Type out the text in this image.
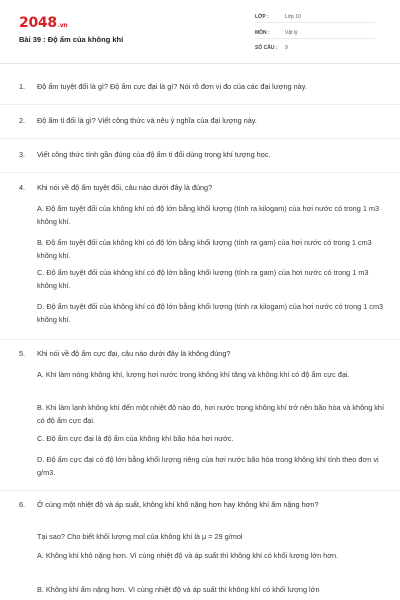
2048.vn
Bài 39 : Độ ẩm của không khí
LỚP :	Lớp 10
MÔN :	Vật lý
SỐ CÂU :	9
1.	Độ ẩm tuyệt đối là gì? Độ ẩm cực đại là gì? Nói rõ đơn vị đo của các đại lượng này.
2.	Độ ẩm tỉ đối là gì? Viết công thức và nêu ý nghĩa của đại lượng này.
3.	Viết công thức tính gần đúng của độ ẩm tỉ đối dùng trong khí tượng học.
4.	Khi nói về độ ẩm tuyệt đối, câu nào dưới đây là đúng?
A. Độ ẩm tuyệt đối của không khí có độ lớn bằng khối lượng (tính ra kilogam) của hơi nước có trong 1 m3 không khí.
B. Độ ẩm tuyệt đối của không khí có độ lớn bằng khối lượng (tính ra gam) của hơi nước có trong 1 cm3 không khí.
C. Độ ẩm tuyệt đối của không khí có độ lớn bằng khối lượng (tính ra gam) của hơi nước có trong 1 m3 không khí.
D. Độ ẩm tuyệt đối của không khí có độ lớn bằng khối lượng (tính ra kilogam) của hơi nước có trong 1 cm3 không khí.
5.	Khi nói về độ ẩm cực đại, câu nào dưới đây là không đúng?
A. Khi làm nóng không khí, lượng hơi nước trong không khí tăng và không khí có độ ẩm cực đại.
B. Khi làm lạnh không khí đến một nhiệt độ nào đó, hơi nước trong không khí trở nên bão hòa và không khí có độ ẩm cực đại.
C. Độ ẩm cực đại là độ ẩm của không khí bão hòa hơi nước.
D. Độ ẩm cực đại có độ lớn bằng khối lượng riêng của hơi nước bão hòa trong không khí tính theo đơn vị g/m3.
6.	Ở cùng một nhiệt độ và áp suất, không khí khô nặng hơn hay không khí ẩm nặng hơn?
Tại sao? Cho biết khối lượng mol của không khí là μ = 29 g/mol
A. Không khí khô nặng hơn. Vì cùng nhiệt độ và áp suất thì không khí có khối lượng lớn hơn.
B. Không khí ẩm nặng hơn. Vì cùng nhiệt độ và áp suất thì không khí có khối lượng lớn
